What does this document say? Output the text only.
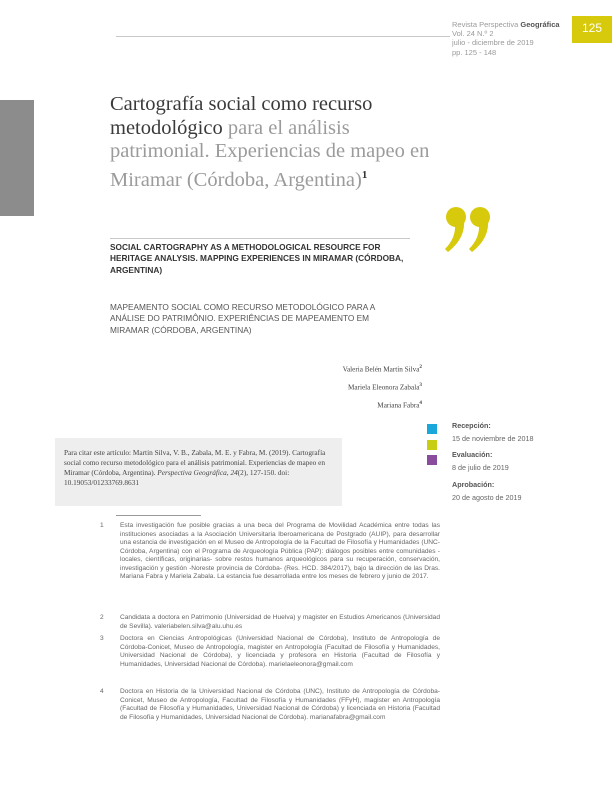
Revista Perspectiva Geográfica
Vol. 24 N.º 2
julio - diciembre de 2019
pp. 125 - 148
125
Cartografía social como recurso metodológico para el análisis patrimonial. Experiencias de mapeo en Miramar (Córdoba, Argentina)$^1$
SOCIAL CARTOGRAPHY AS A METHODOLOGICAL RESOURCE FOR HERITAGE ANALYSIS. MAPPING EXPERIENCES IN MIRAMAR (CÓRDOBA, ARGENTINA)
MAPEAMENTO SOCIAL COMO RECURSO METODOLÓGICO PARA A ANÁLISE DO PATRIMÔNIO. EXPERIÊNCIAS DE MAPEAMENTO EM MIRAMAR (CÓRDOBA, ARGENTINA)
Valeria Belén Martín Silva$^2$
Mariela Eleonora Zabala$^3$
Mariana Fabra$^4$
Recepción:
15 de noviembre de 2018
Evaluación:
8 de julio de 2019
Aprobación:
20 de agosto de 2019
Para citar este artículo: Martin Silva, V. B., Zabala, M. E. y Fabra, M. (2019). Cartografía social como recurso metodológico para el análisis patrimonial. Experiencias de mapeo en Miramar (Córdoba, Argentina). Perspectiva Geográfica, 24(2), 127-150. doi: 10.19053/01233769.8631
1 Esta investigación fue posible gracias a una beca del Programa de Movilidad Académica entre todas las instituciones asociadas a la Asociación Universitaria Iberoamericana de Postgrado (AUIP), para desarrollar una estancia de investigación en el Museo de Antropología de la Facultad de Filosofía y Humanidades (UNC-Córdoba, Argentina) con el Programa de Arqueología Pública (PAP): diálogos posibles entre comunidades -locales, científicas, originarias- sobre restos humanos arqueológicos para su recuperación, conservación, investigación y gestión -Noreste provincia de Córdoba- (Res. HCD. 384/2017), bajo la dirección de las Dras. Mariana Fabra y Mariela Zabala. La estancia fue desarrollada entre los meses de febrero y junio de 2017.
2 Candidata a doctora en Patrimonio (Universidad de Huelva) y magister en Estudios Americanos (Universidad de Sevilla). valeriabelen.silva@alu.uhu.es
3 Doctora en Ciencias Antropológicas (Universidad Nacional de Córdoba), Instituto de Antropología de Córdoba-Conicet, Museo de Antropología, magister en Antropología (Facultad de Filosofía y Humanidades, Universidad Nacional de Córdoba), y licenciada y profesora en Historia (Facultad de Filosofía y Humanidades, Universidad Nacional de Córdoba). marielaeleonora@gmail.com
4 Doctora en Historia de la Universidad Nacional de Córdoba (UNC), Instituto de Antropología de Córdoba-Conicet, Museo de Antropología, Facultad de Filosofía y Humanidades (FFyH), magister en Antropología (Facultad de Filosofía y Humanidades, Universidad Nacional de Córdoba) y licenciada en Historia (Facultad de Filosofía y Humanidades, Universidad Nacional de Córdoba). marianafabra@gmail.com
